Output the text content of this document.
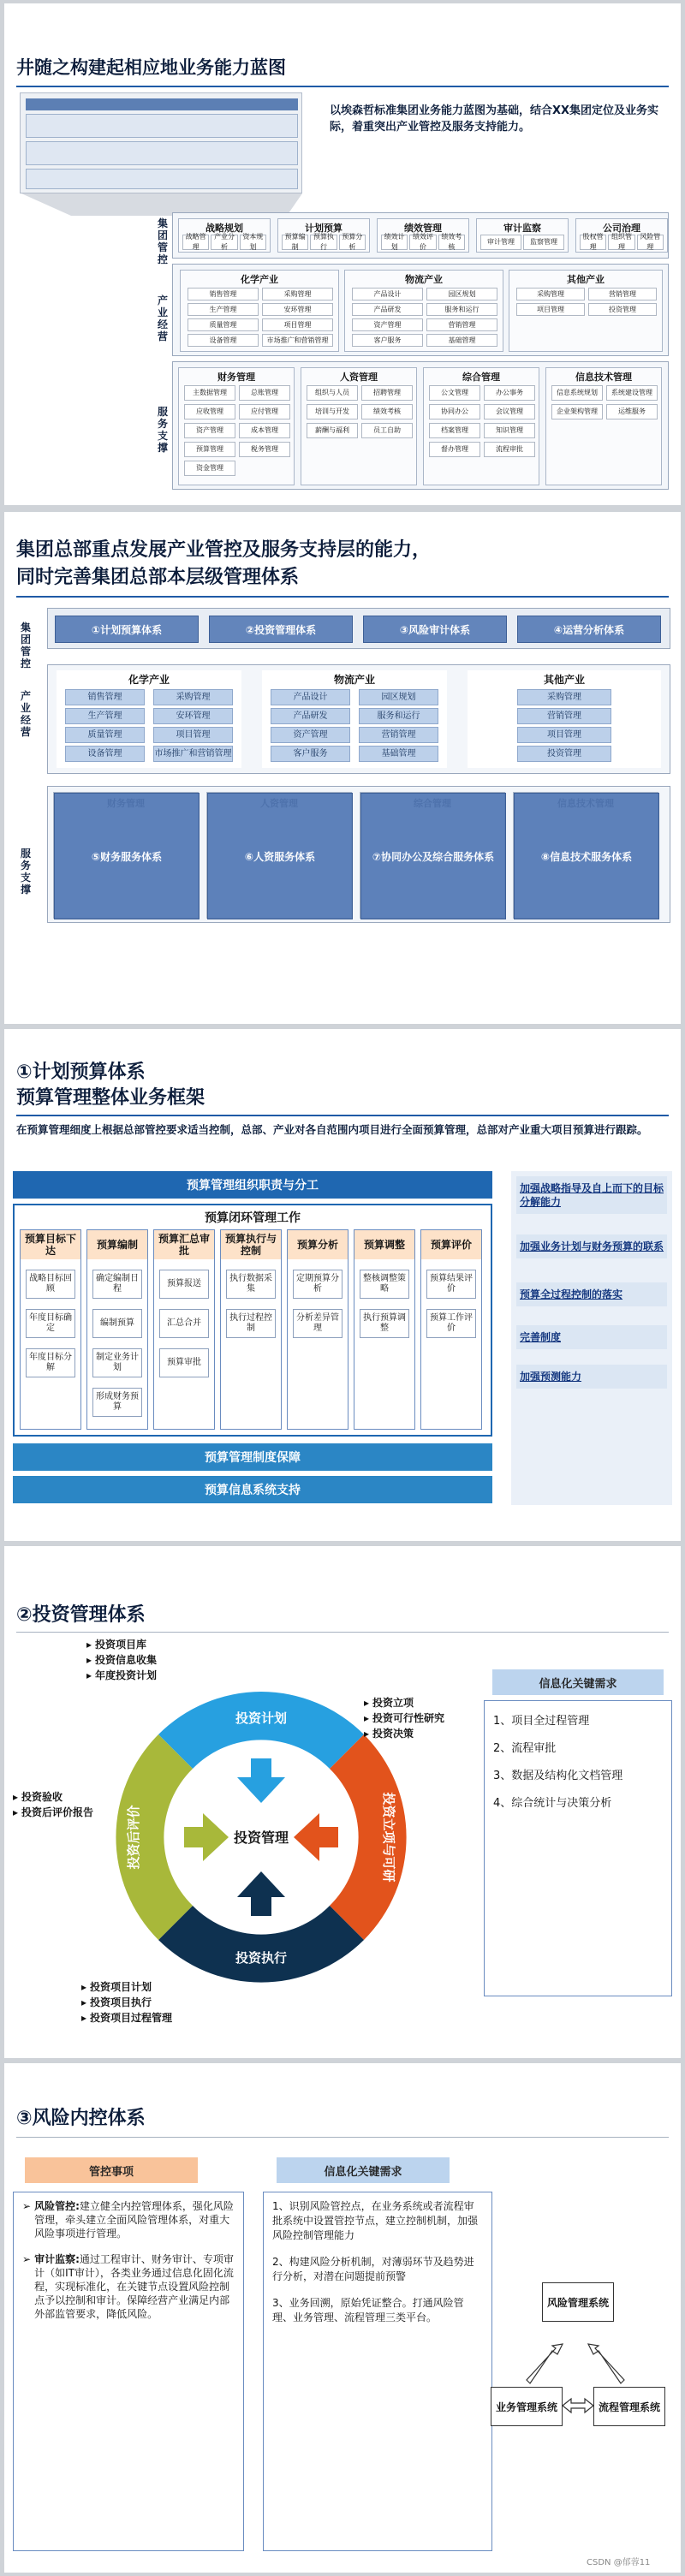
井随之构建起相应地业务能力蓝图
以埃森哲标准集团业务能力蓝图为基础，结合XX集团定位及业务实际，着重突出产业管控及服务支持能力。
集团管控
战略规划
战略管理
产业分析
资本规划
计划预算
预算编制
预算执行
预算分析
绩效管理
绩效计划
绩效评价
绩效考核
审计监察
审计管理	监察管理
公司治理
股权管理
组织管理
风险管理
产业经营
化学产业
销售管理	采购管理
生产管理	安环管理
质量管理	项目管理
设备管理	市场推广和营销管理
物流产业
产品设计	园区规划
产品研发	服务和运行
资产管理	营销管理
客户服务	基础管理
其他产业
采购管理	营销管理
项目管理	投资管理
服务支撑
财务管理
主数据管理	总账管理
应收管理	应付管理
资产管理	成本管理
预算管理	税务管理
资金管理
人资管理
组织与人员	招聘管理
培训与开发	绩效考核
薪酬与福利	员工自助
综合管理
公文管理	办公事务
协同办公	会议管理
档案管理	知识管理
督办管理	流程审批
信息技术管理
信息系统规划	系统建设管理
企业架构管理	运维服务
集团总部重点发展产业管控及服务支持层的能力，
同时完善集团总部本层级管理体系
集团管控
①计划预算体系	②投资管理体系	③风险审计体系	④运营分析体系
产业经营
化学产业
销售管理	采购管理
生产管理	安环管理
质量管理	项目管理
设备管理	市场推广和营销管理
物流产业
产品设计	园区规划
产品研发	服务和运行
资产管理	营销管理
客户服务	基础管理
其他产业
采购管理
营销管理
项目管理
投资管理
服务支撑
⑤财务服务体系	⑥人资服务体系	⑦协同办公及综合服务体系	⑧信息技术服务体系
①计划预算体系
预算管理整体业务框架
在预算管理细度上根据总部管控要求适当控制，总部、产业对各自范围内项目进行全面预算管理，总部对产业重大项目预算进行跟踪。
预算管理组织职责与分工
预算闭环管理工作
预算目标下达
战略目标回顾
年度目标确定
年度目标分解
预算编制
确定编制日程
编制预算
制定业务计划
形成财务预算
预算汇总审批
预算报送
汇总合并
预算审批
预算执行与控制
执行数据采集
执行过程控制
预算分析
定期预算分析
分析差异管理
预算调整
整核调整策略
执行预算调整
预算评价
预算结果评价
预算工作评价
预算管理制度保障
预算信息系统支持
加强战略指导及自上而下的目标分解能力
加强业务计划与财务预算的联系
预算全过程控制的落实
完善制度
加强预测能力
②投资管理体系
投资管理
投资计划
投资立项与可研
投资执行
投资后评价
▸ 投资项目库
▸ 投资信息收集
▸ 年度投资计划
▸ 投资立项
▸ 投资可行性研究
▸ 投资决策
▸ 投资验收
▸ 投资后评价报告
▸ 投资项目计划
▸ 投资项目执行
▸ 投资项目过程管理
信息化关键需求
1、项目全过程管理
2、流程审批
3、数据及结构化文档管理
4、综合统计与决策分析
③风险内控体系
管控事项	信息化关键需求
➢ 风险管控:建立健全内控管理体系，强化风险管理，牵头建立全面风险管理体系，对重大风险事项进行管理。
➢ 审计监察:通过工程审计、财务审计、专项审计（如IT审计），各类业务通过信息化固化流程，实现标准化，在关键节点设置风险控制点予以控制和审计。保障经营产业满足内部外部监管要求，降低风险。
1、识别风险管控点，在业务系统或者流程审批系统中设置管控节点，建立控制机制，加强风险控制管理能力
2、构建风险分析机制，对薄弱环节及趋势进行分析，对潜在问题提前预警
3、业务回溯，原始凭证整合。打通风险管理、业务管理、流程管理三类平台。
风险管理系统
业务管理系统	流程管理系统
CSDN @郁蓉11
